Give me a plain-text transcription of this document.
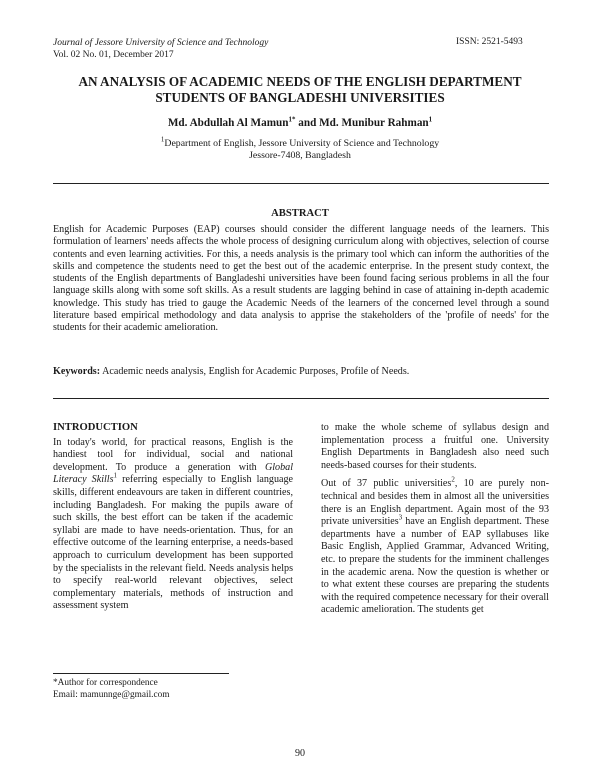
Journal of Jessore University of Science and Technology
Vol. 02 No. 01, December 2017
ISSN: 2521-5493
AN ANALYSIS OF ACADEMIC NEEDS OF THE ENGLISH DEPARTMENT
STUDENTS OF BANGLADESHI UNIVERSITIES
Md. Abdullah Al Mamun$^{1*}$ and Md. Munibur Rahman$^1$
$^1$Department of English, Jessore University of Science and Technology
Jessore-7408, Bangladesh
ABSTRACT
English for Academic Purposes (EAP) courses should consider the different language needs of the learners. This formulation of learners' needs affects the whole process of designing curriculum along with objectives, selection of course contents and even learning activities. For this, a needs analysis is the primary tool which can inform the authorities of the skills and competence the students need to get the best out of the academic enterprise. In the present study context, the students of the English departments of Bangladeshi universities have been found facing serious problems in all the four language skills along with some soft skills. As a result students are lagging behind in case of attaining in-depth academic knowledge. This study has tried to gauge the Academic Needs of the learners of the concerned level through a sound literature based empirical methodology and data analysis to apprise the stakeholders of the 'profile of needs' for the students for their academic amelioration.
Keywords: Academic needs analysis, English for Academic Purposes, Profile of Needs.
INTRODUCTION

In today's world, for practical reasons, English is the handiest tool for individual, social and national development. To produce a generation with Global Literacy Skills$^1$ referring especially to English language skills, different endeavours are taken in different countries, including Bangladesh. For making the pupils aware of such skills, the best effort can be taken if the academic syllabi are made to have needs-orientation. Thus, for an effective outcome of the learning enterprise, a needs-based approach to curriculum development has been supported by the specialists in the relevant field. Needs analysis helps to specify real-world relevant objectives, select complementary materials, methods of instruction and assessment system

to make the whole scheme of syllabus design and implementation process a fruitful one. University English Departments in Bangladesh also need such needs-based courses for their students.

Out of 37 public universities$^2$, 10 are purely non-technical and besides them in almost all the universities there is an English department. Again most of the 93 private universities$^3$ have an English department. These departments have a number of EAP syllabuses like Basic English, Applied Grammar, Advanced Writing, etc. to prepare the students for the imminent challenges in the academic arena. Now the question is whether or to what extent these courses are preparing the students with the required competence necessary for their overall academic amelioration. The students get

*Author for correspondence
Email: mamunnge@gmail.com
90
